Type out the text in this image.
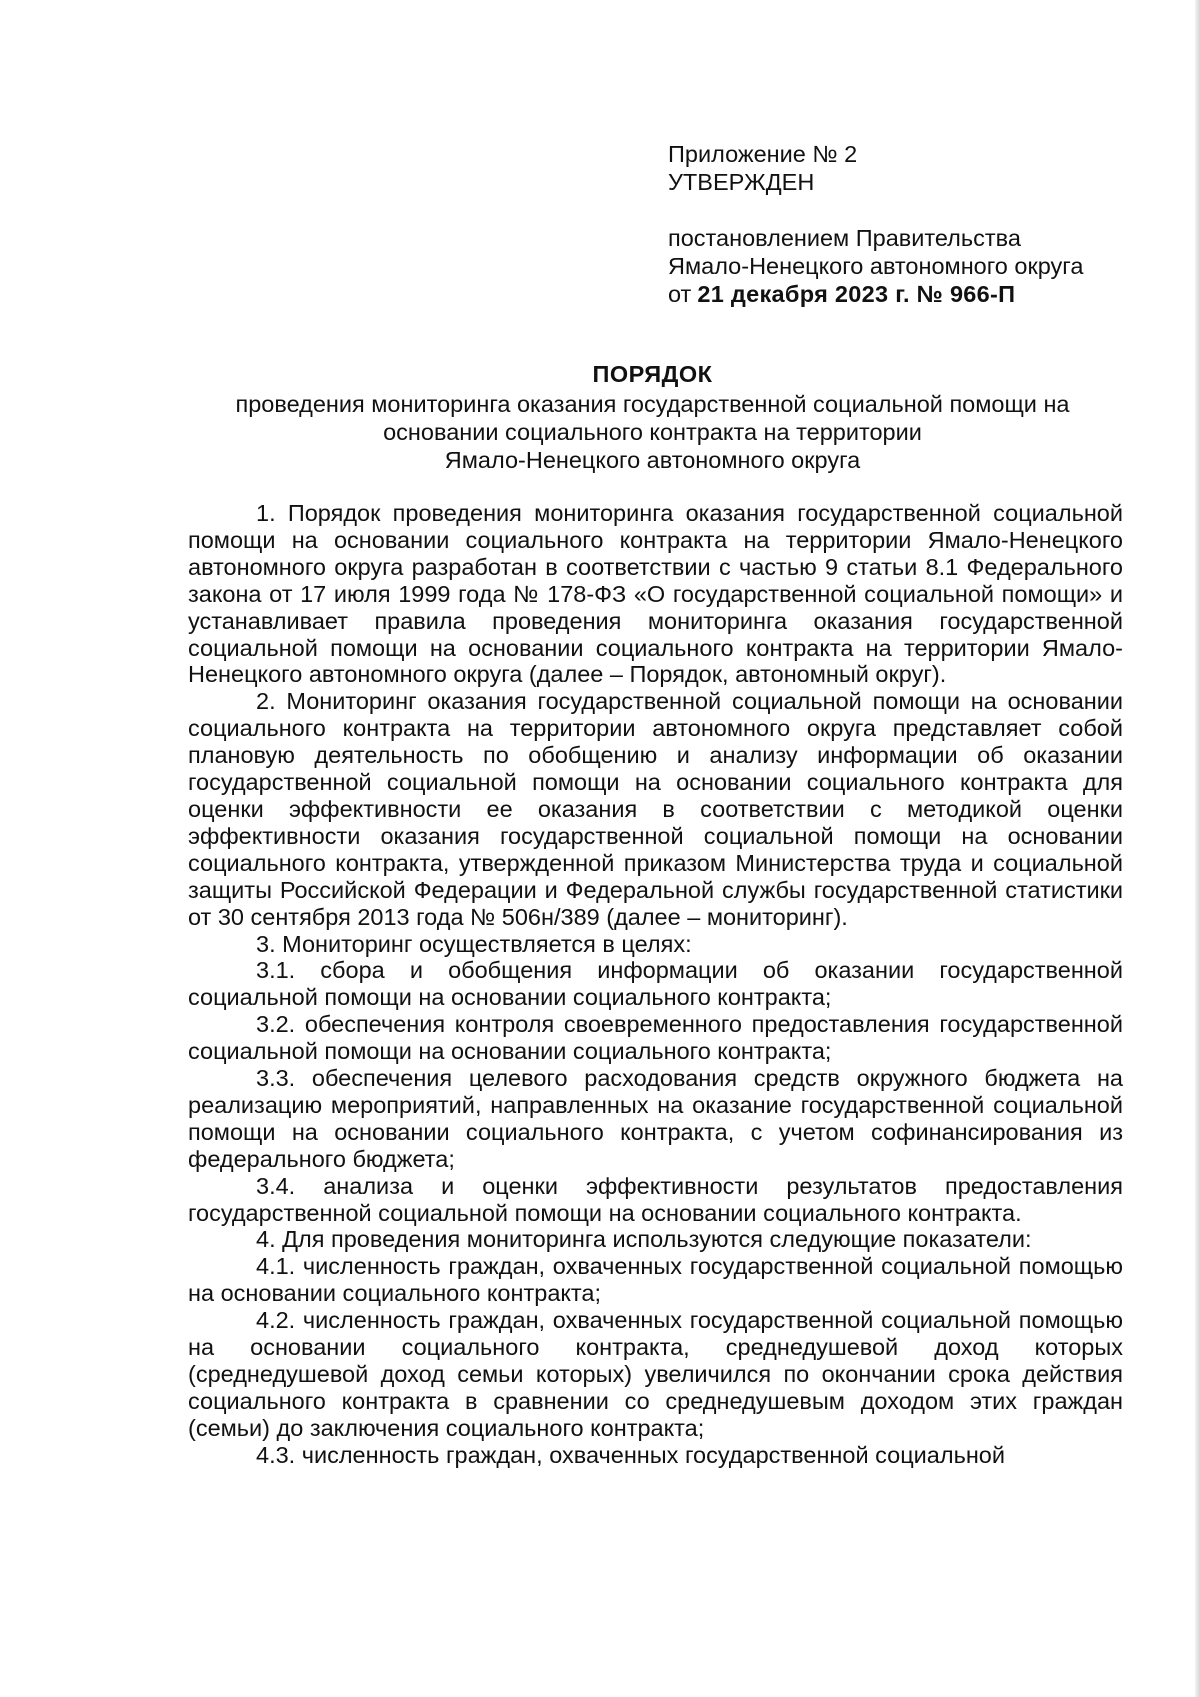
Приложение № 2
УТВЕРЖДЕН
постановлением Правительства
Ямало-Ненецкого автономного округа
от 21 декабря 2023 г. № 966-П
ПОРЯДОК
проведения мониторинга оказания государственной социальной помощи на
основании социального контракта на территории
Ямало-Ненецкого автономного округа

1. Порядок проведения мониторинга оказания государственной социальной помощи на основании социального контракта на территории Ямало-Ненецкого автономного округа разработан в соответствии с частью 9 статьи 8.1 Федерального закона от 17 июля 1999 года № 178-ФЗ «О государственной социальной помощи» и устанавливает правила проведения мониторинга оказания государственной социальной помощи на основании социального контракта на территории Ямало-Ненецкого автономного округа (далее – Порядок, автономный округ).

2. Мониторинг оказания государственной социальной помощи на основании социального контракта на территории автономного округа представляет собой плановую деятельность по обобщению и анализу информации об оказании государственной социальной помощи на основании социального контракта для оценки эффективности ее оказания в соответствии с методикой оценки эффективности оказания государственной социальной помощи на основании социального контракта, утвержденной приказом Министерства труда и социальной защиты Российской Федерации и Федеральной службы государственной статистики от 30 сентября 2013 года № 506н/389 (далее – мониторинг).

3. Мониторинг осуществляется в целях:

3.1. сбора и обобщения информации об оказании государственной социальной помощи на основании социального контракта;

3.2. обеспечения контроля своевременного предоставления государственной социальной помощи на основании социального контракта;

3.3. обеспечения целевого расходования средств окружного бюджета на реализацию мероприятий, направленных на оказание государственной социальной помощи на основании социального контракта, с учетом софинансирования из федерального бюджета;

3.4. анализа и оценки эффективности результатов предоставления государственной социальной помощи на основании социального контракта.

4. Для проведения мониторинга используются следующие показатели:

4.1. численность граждан, охваченных государственной социальной помощью на основании социального контракта;

4.2. численность граждан, охваченных государственной социальной помощью на основании социального контракта, среднедушевой доход которых (среднедушевой доход семьи которых) увеличился по окончании срока действия социального контракта в сравнении со среднедушевым доходом этих граждан (семьи) до заключения социального контракта;

4.3. численность граждан, охваченных государственной социальной
